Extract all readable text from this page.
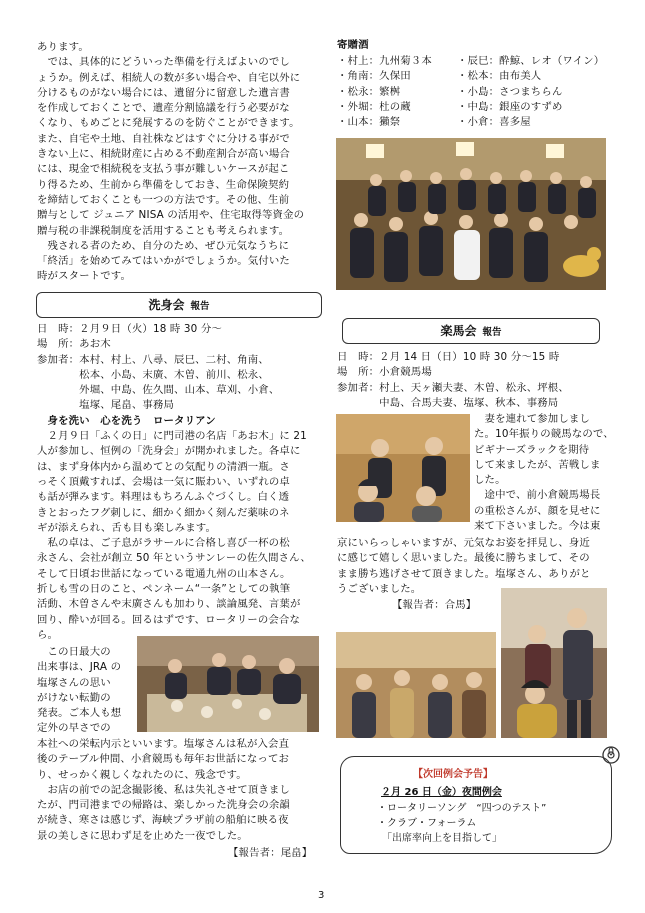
あります。
　では、具体的にどういった準備を行えばよいのでし
ょうか。例えば、相続人の数が多い場合や、自宅以外に
分けるものがない場合には、遺留分に留意した遺言書
を作成しておくことで、遺産分割協議を行う必要がな
くなり、もめごとに発展するのを防ぐことができます。
また、自宅や土地、自社株などはすぐに分ける事がで
きない上に、相続財産に占める不動産割合が高い場合
には、現金で相続税を支払う事が難しいケースが起こ
り得るため、生前から準備をしておき、生命保険契約
を締結しておくことも一つの方法です。その他、生前
贈与として ジュニア NISA の活用や、住宅取得等資金の
贈与税の非課税制度を活用することも考えられます。
　残される者のため、自分のため、ぜひ元気なうちに
「終活」を始めてみてはいかがでしょうか。気付いた
時がスタートです。
洗身会 報告
日　時：２月９日（火）18 時 30 分～
場　所：あお木
参加者：本村、村上、八尋、辰巳、二村、角南、
　　　　松本、小島、末廣、木曽、前川、松永、
　　　　外堀、中島、佐久間、山本、草刈、小倉、
　　　　塩塚、尾畠、事務局
　身を洗い　心を洗う　ロータリアン
　２月９日「ふくの日」に門司港の名店「あお木」に 21
人が参加し、恒例の「洗身会」が開かれました。各卓に
は、まず身体内から温めてとの気配りの清酒一瓶。さ
っそく頂戴すれば、会場は一気に賑わい、いずれの卓
も話が弾みます。料理はもちろんふぐづくし。白く透
きとおったフグ刺しに、細かく細かく刻んだ薬味のネ
ギが添えられ、舌も目も楽しみます。
　私の卓は、ご子息がラサールに合格し喜び一杯の松
永さん、会社が創立 50 年というサンレーの佐久間さん、
そして日頃お世話になっている電通九州の山本さん。
折しも雪の日のこと、ペンネーム“一条”としての執筆
活動、木曽さんや末廣さんも加わり、談論風発、言葉が
回り、酔いが回る。回るはずです、ロータリーの会合な
ら。
　この日最大の
出来事は、JRA の
塩塚さんの思い
がけない転勤の
発表。ご本人も想
定外の早さでの
本社への栄転内示といいます。塩塚さんは私が入会直
後のテーブル仲間、小倉競馬も毎年お世話になってお
り、せっかく親しくなれたのに、残念です。
　お店の前での記念撮影後、私は失礼させて頂きまし
たが、門司港までの帰路は、楽しかった洗身会の余韻
が続き、寒さは感じず、海峡プラザ前の船舶に映る夜
景の美しさに思わず足を止めた一夜でした。
【報告者：尾畠】
寄贈酒
・村上：九州菊３本
・角南：久保田
・松永：繁桝
・外堀：杜の蔵
・山本：獺祭
・辰巳：酔鯨、レオ（ワイン）
・松本：由布美人
・小島：さつまちらん
・中島：銀座のすずめ
・小倉：喜多屋
楽馬会 報告
日　時：２月 14 日（日）10 時 30 分～15 時
場　所：小倉競馬場
参加者：村上、天ヶ瀬夫妻、木曽、松永、坪根、
　　　　中島、合馬夫妻、塩塚、秋本、事務局
　妻を連れて参加しまし
た。10年振りの競馬なので、
ビギナーズラックを期待
して来ましたが、苦戦しま
した。
　途中で、前小倉競馬場長
の重松さんが、顔を見せに
来て下さいました。今は東
京にいらっしゃいますが、元気なお姿を拝見し、身近
に感じて嬉しく思いました。最後に勝ちまして、その
まま勝ち逃げさせて頂きました。塩塚さん、ありがと
うございました。
【報告者：合馬】
【次回例会予告】
２月 26 日（金）夜間例会
・ロータリーソング　“四つのテスト”
・クラブ・フォーラム
　「出席率向上を目指して」
3
